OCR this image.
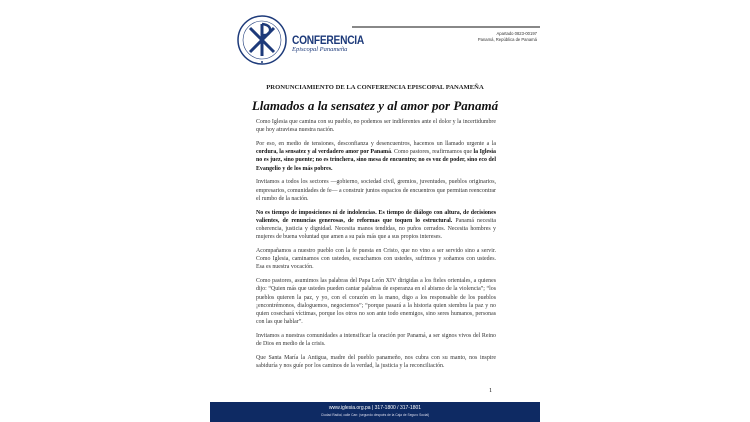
CONFERENCIA
Episcopal Panameña
Apartado 0823-00197
Panamá, República de Panamá
PRONUNCIAMIENTO DE LA CONFERENCIA EPISCOPAL PANAMEÑA
Llamados a la sensatez y al amor por Panamá

Como Iglesia que camina con su pueblo, no podemos ser indiferentes ante el dolor y la incertidumbre que hoy atraviesa nuestra nación.

Por eso, en medio de tensiones, desconfianza y desencuentros, hacemos un llamado urgente a la cordura, la sensatez y al verdadero amor por Panamá. Como pastores, reafirmamos que la Iglesia no es juez, sino puente; no es trinchera, sino mesa de encuentro; no es voz de poder, sino eco del Evangelio y de los más pobres.

Invitamos a todos los sectores —gobierno, sociedad civil, gremios, juventudes, pueblos originarios, empresarios, comunidades de fe— a construir juntos espacios de encuentros que permitan reencontrar el rumbo de la nación.

No es tiempo de imposiciones ni de indolencias. Es tiempo de diálogo con altura, de decisiones valientes, de renuncias generosas, de reformas que toquen lo estructural. Panamá necesita coherencia, justicia y dignidad. Necesita manos tendidas, no puños cerrados. Necesita hombres y mujeres de buena voluntad que amen a su país más que a sus propios intereses.

Acompañamos a nuestro pueblo con la fe puesta en Cristo, que no vino a ser servido sino a servir. Como Iglesia, caminamos con ustedes, escuchamos con ustedes, sufrimos y soñamos con ustedes. Esa es nuestra vocación.

Como pastores, asumimos las palabras del Papa León XIV dirigidas a los fieles orientales, a quienes dijo: “Quien más que ustedes pueden cantar palabras de esperanza en el abismo de la violencia”; “los pueblos quieren la paz, y yo, con el corazón en la mano, digo a los responsable de los pueblos ¡encontrémonos, dialoguemos, negociemos”; “porque pasará a la historia quien siembra la paz y no quien cosechará víctimas, porque los otros no son ante todo enemigos, sino seres humanos, personas con las que hablar”.

Invitamos a nuestras comunidades a intensificar la oración por Panamá, a ser signos vivos del Reino de Dios en medio de la crisis.

Que Santa María la Antigua, madre del pueblo panameño, nos cubra con su manto, nos inspire sabiduría y nos guíe por los caminos de la verdad, la justicia y la reconciliación.

1
www.iglesia.org.pa | 317-1800 / 317-1801
Ciudad Radial, calle Carr. (segundo después de la Caja de Seguro Social)
